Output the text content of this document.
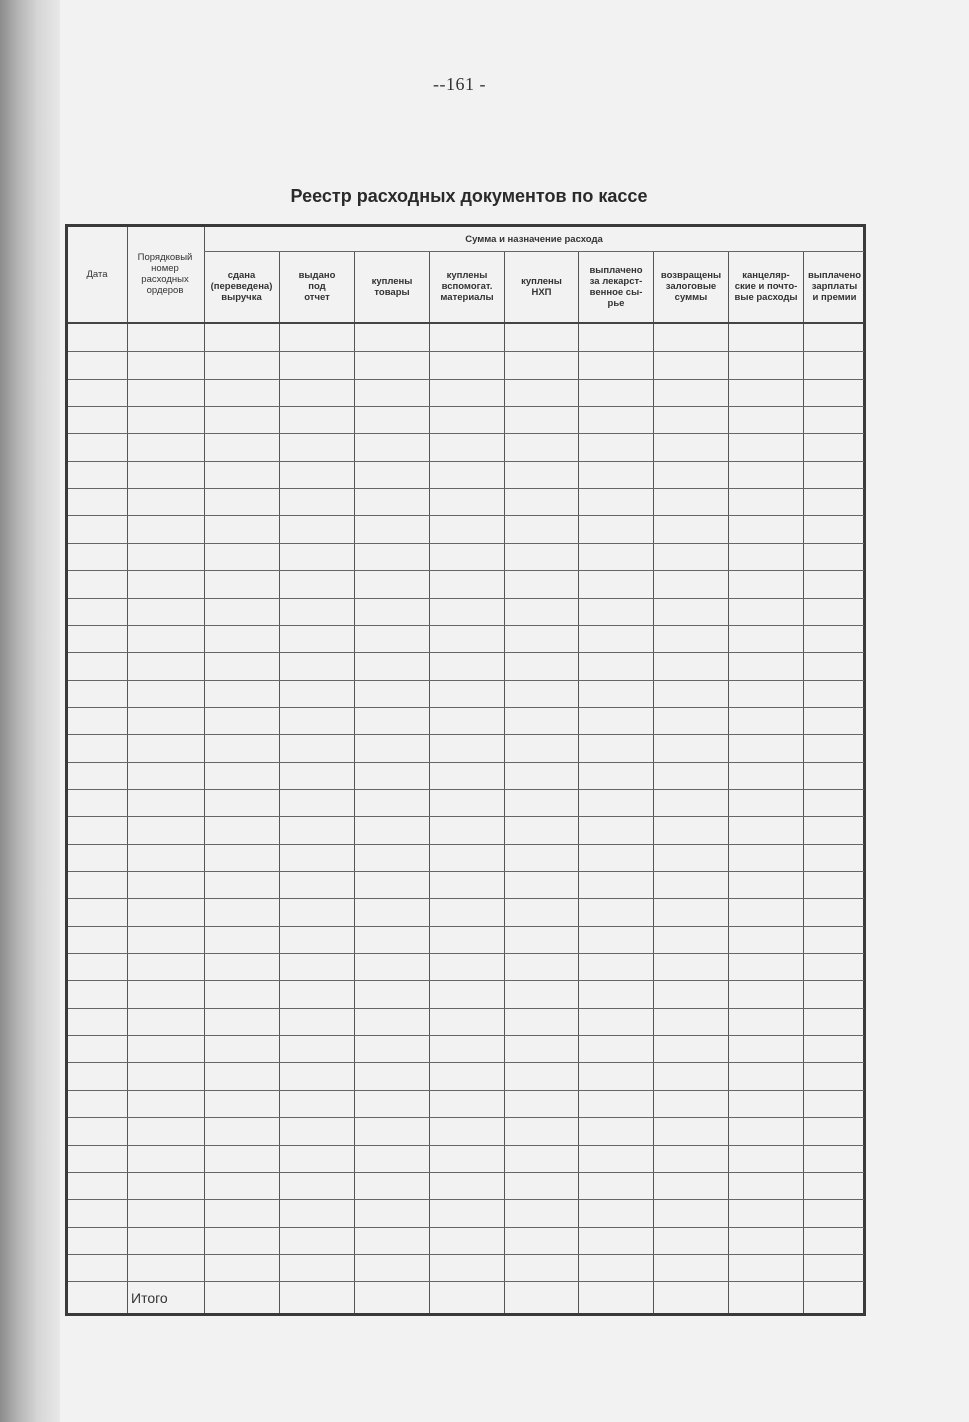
--161 -
Реестр расходных документов по кассе
Дата
Порядковый
номер
расходных
ордеров
Сумма и назначение расхода
сдана
(переведена)
выручка
выдано
под
отчет
куплены
товары
куплены
вспомогат.
материалы
куплены
НХП
выплачено
за лекарст-
венное сы-
рье
возвращены
залоговые
суммы
канцеляр-
ские и почто-
вые расходы
выплачено
зарплаты
и премии
Итого
